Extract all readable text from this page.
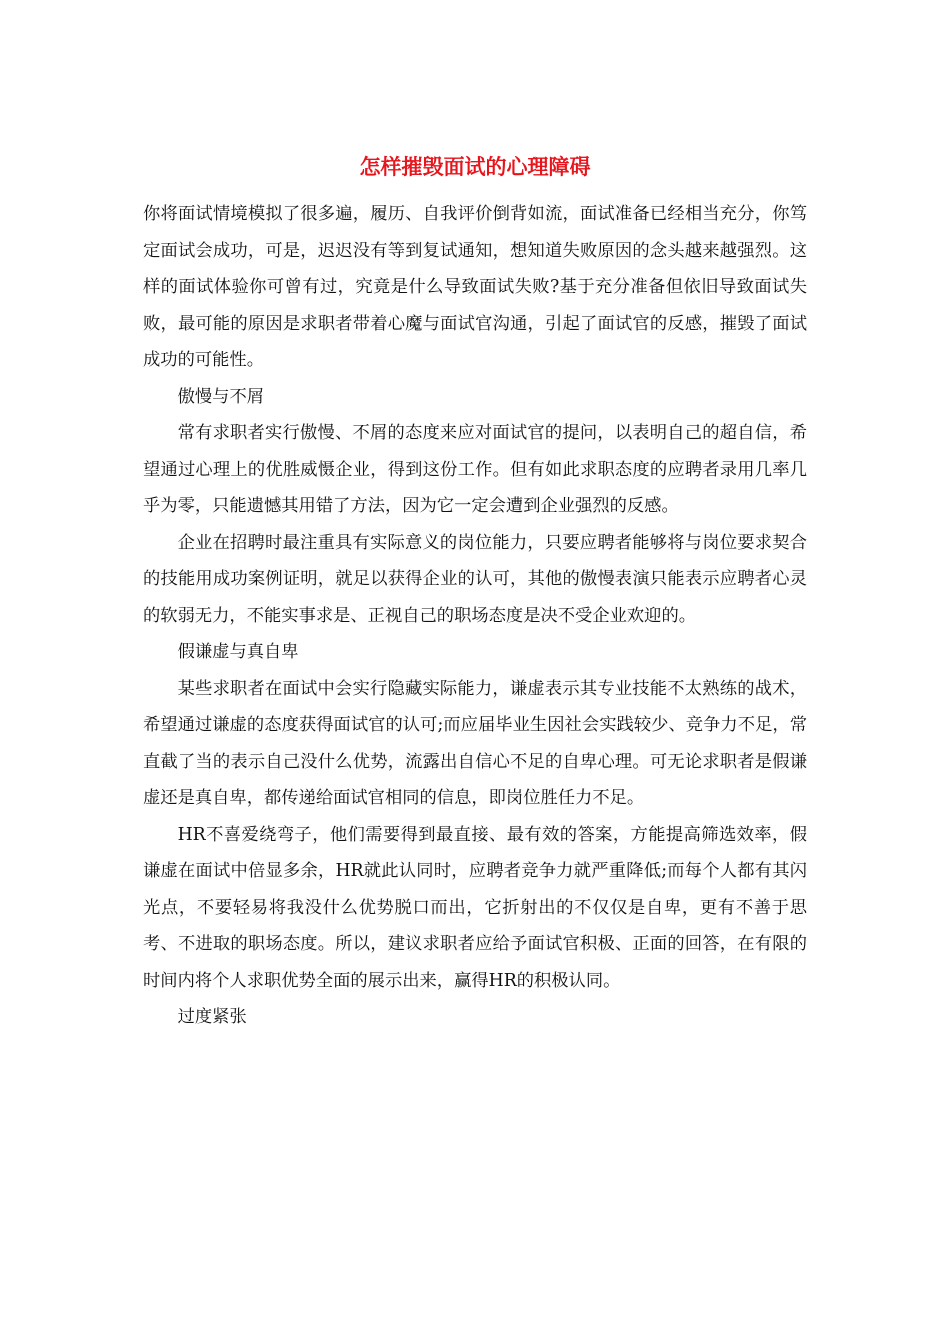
怎样摧毁面试的心理障碍

你将面试情境模拟了很多遍，履历、自我评价倒背如流，面试准备已经相当充分，你笃定面试会成功，可是，迟迟没有等到复试通知，想知道失败原因的念头越来越强烈。这样的面试体验你可曾有过，究竟是什么导致面试失败?基于充分准备但依旧导致面试失败，最可能的原因是求职者带着心魔与面试官沟通，引起了面试官的反感，摧毁了面试成功的可能性。

傲慢与不屑

常有求职者实行傲慢、不屑的态度来应对面试官的提问，以表明自己的超自信，希望通过心理上的优胜威慑企业，得到这份工作。但有如此求职态度的应聘者录用几率几乎为零，只能遗憾其用错了方法，因为它一定会遭到企业强烈的反感。

企业在招聘时最注重具有实际意义的岗位能力，只要应聘者能够将与岗位要求契合的技能用成功案例证明，就足以获得企业的认可，其他的傲慢表演只能表示应聘者心灵的软弱无力，不能实事求是、正视自己的职场态度是决不受企业欢迎的。

假谦虚与真自卑

某些求职者在面试中会实行隐藏实际能力，谦虚表示其专业技能不太熟练的战术，希望通过谦虚的态度获得面试官的认可;而应届毕业生因社会实践较少、竞争力不足，常直截了当的表示自己没什么优势，流露出自信心不足的自卑心理。可无论求职者是假谦虚还是真自卑，都传递给面试官相同的信息，即岗位胜任力不足。

HR不喜爱绕弯子，他们需要得到最直接、最有效的答案，方能提高筛选效率，假谦虚在面试中倍显多余，HR就此认同时，应聘者竞争力就严重降低;而每个人都有其闪光点，不要轻易将我没什么优势脱口而出，它折射出的不仅仅是自卑，更有不善于思考、不进取的职场态度。所以，建议求职者应给予面试官积极、正面的回答，在有限的时间内将个人求职优势全面的展示出来，赢得HR的积极认同。

过度紧张
